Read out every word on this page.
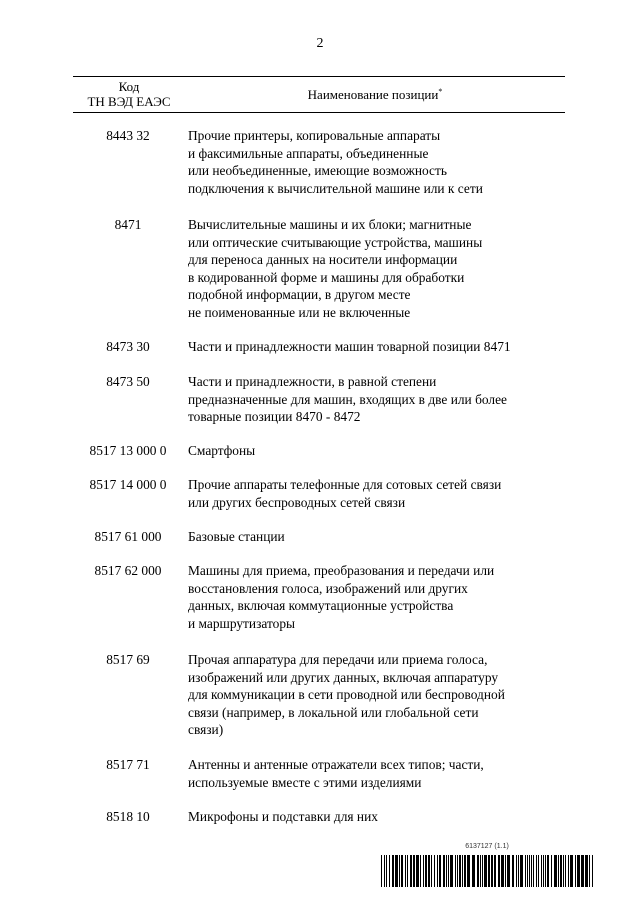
2
Код
ТН ВЭД ЕАЭС	Наименование позиции*
8443 32	Прочие принтеры, копировальные аппараты
и факсимильные аппараты, объединенные
или необъединенные, имеющие возможность
подключения к вычислительной машине или к сети
8471	Вычислительные машины и их блоки; магнитные
или оптические считывающие устройства, машины
для переноса данных на носители информации
в кодированной форме и машины для обработки
подобной информации, в другом месте
не поименованные или не включенные
8473 30	Части и принадлежности машин товарной позиции 8471
8473 50	Части и принадлежности, в равной степени
предназначенные для машин, входящих в две или более
товарные позиции 8470 - 8472
8517 13 000 0	Смартфоны
8517 14 000 0	Прочие аппараты телефонные для сотовых сетей связи
или других беспроводных сетей связи
8517 61 000	Базовые станции
8517 62 000	Машины для приема, преобразования и передачи или
восстановления голоса, изображений или других
данных, включая коммутационные устройства
и маршрутизаторы
8517 69	Прочая аппаратура для передачи или приема голоса,
изображений или других данных, включая аппаратуру
для коммуникации в сети проводной или беспроводной
связи (например, в локальной или глобальной сети
связи)
8517 71	Антенны и антенные отражатели всех типов; части,
используемые вместе с этими изделиями
8518 10	Микрофоны и подставки для них
6137127 (1.1)
